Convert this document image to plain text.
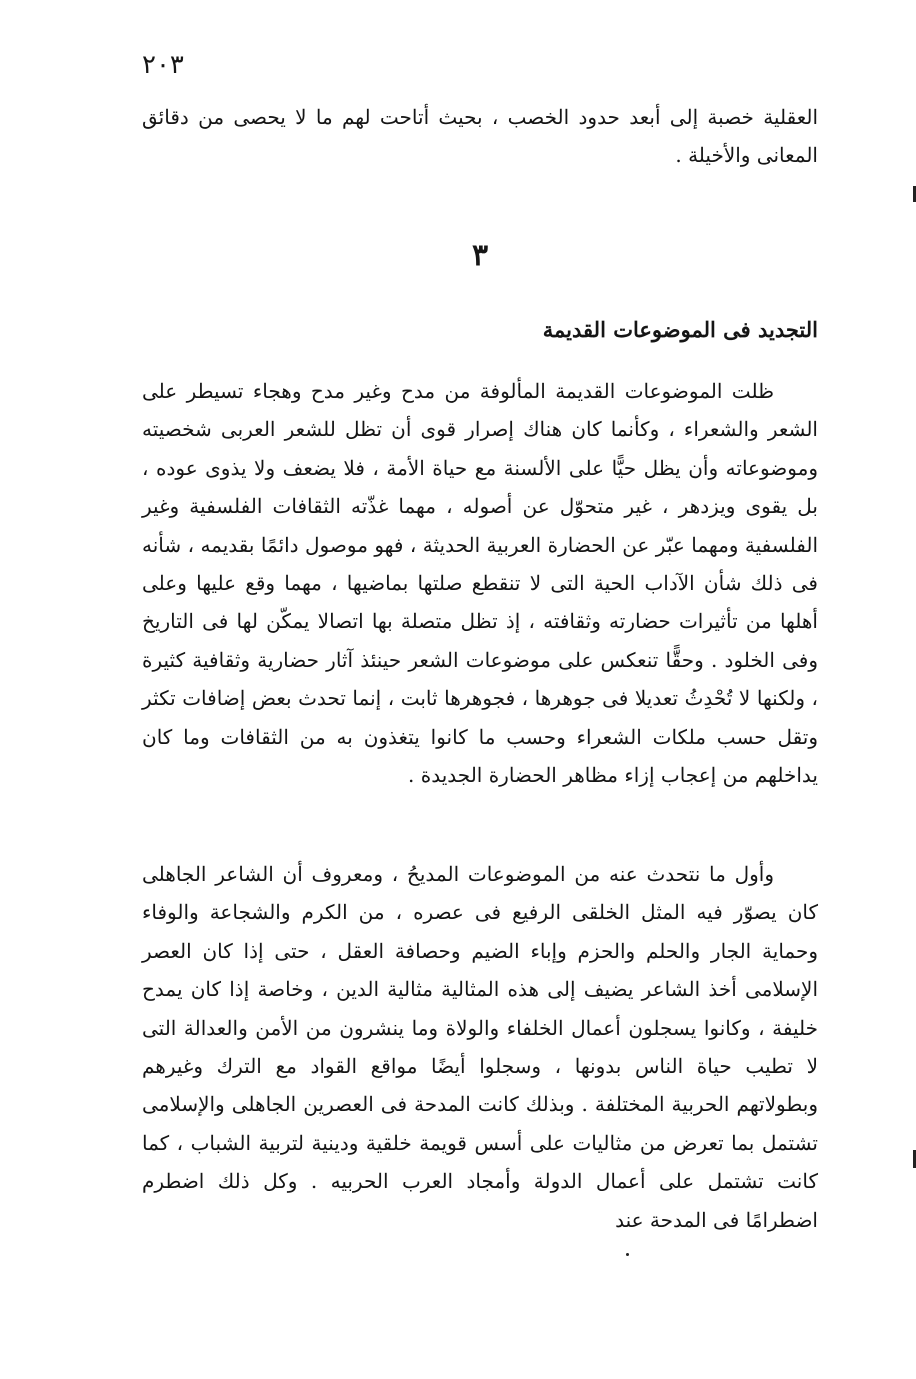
٢٠٣
العقلية خصبة إلى أبعد حدود الخصب ، بحيث أتاحت لهم ما لا يحصى من دقائق المعانى والأخيلة .
٣
التجديد فى الموضوعات القديمة
ظلت الموضوعات القديمة المألوفة من مدح وغير مدح وهجاء تسيطر على الشعر والشعراء ، وكأنما كان هناك إصرار قوى أن تظل للشعر العربى شخصيته وموضوعاته وأن يظل حيًّا على الألسنة مع حياة الأمة ، فلا يضعف ولا يذوى عوده ، بل يقوى ويزدهر ، غير متحوّل عن أصوله ، مهما غذّته الثقافات الفلسفية وغير الفلسفية ومهما عبّر عن الحضارة العربية الحديثة ، فهو موصول دائمًا بقديمه ، شأنه فى ذلك شأن الآداب الحية التى لا تنقطع صلتها بماضيها ، مهما وقع عليها وعلى أهلها من تأثيرات حضارته وثقافته ، إذ تظل متصلة بها اتصالا يمكّن لها فى التاريخ وفى الخلود . وحقًّا تنعكس على موضوعات الشعر حينئذ آثار حضارية وثقافية كثيرة ، ولكنها لا تُحْدِثُ تعديلا فى جوهرها ، فجوهرها ثابت ، إنما تحدث بعض إضافات تكثر وتقل حسب ملكات الشعراء وحسب ما كانوا يتغذون به من الثقافات وما كان يداخلهم من إعجاب إزاء مظاهر الحضارة الجديدة .
وأول ما نتحدث عنه من الموضوعات المديحُ ، ومعروف أن الشاعر الجاهلى كان يصوّر فيه المثل الخلقى الرفيع فى عصره ، من الكرم والشجاعة والوفاء وحماية الجار والحلم والحزم وإباء الضيم وحصافة العقل ، حتى إذا كان العصر الإسلامى أخذ الشاعر يضيف إلى هذه المثالية مثالية الدين ، وخاصة إذا كان يمدح خليفة ، وكانوا يسجلون أعمال الخلفاء والولاة وما ينشرون من الأمن والعدالة التى لا تطيب حياة الناس بدونها ، وسجلوا أيضًا مواقع القواد مع الترك وغيرهم وبطولاتهم الحربية المختلفة . وبذلك كانت المدحة فى العصرين الجاهلى والإسلامى تشتمل بما تعرض من مثاليات على أسس قويمة خلقية ودينية لتربية الشباب ، كما كانت تشتمل على أعمال الدولة وأمجاد العرب الحربيه . وكل ذلك اضطرم اضطرامًا فى المدحة عند
